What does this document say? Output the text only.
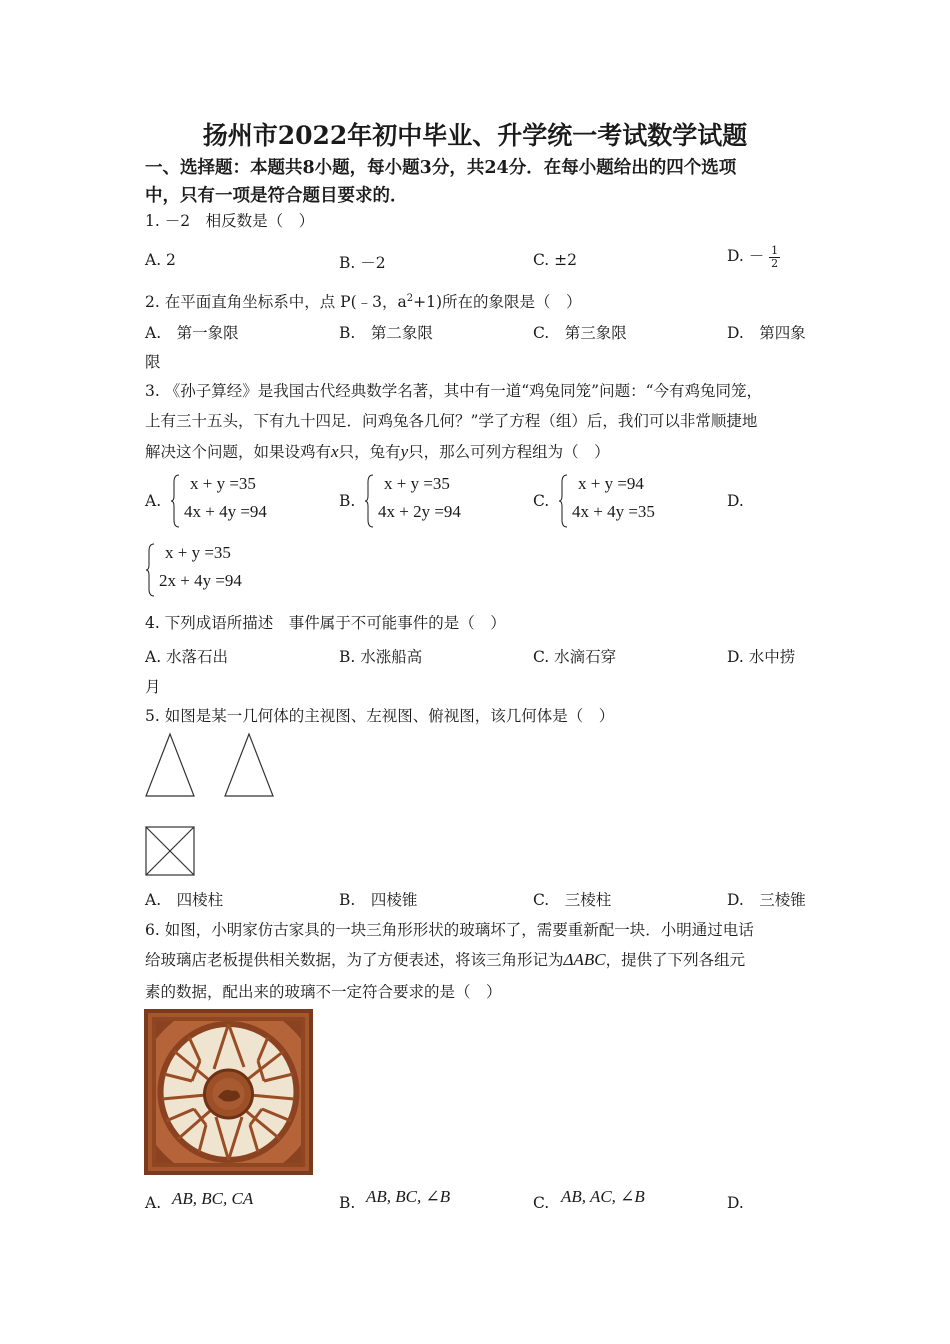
扬州市2022年初中毕业、升学统一考试数学试题
一、选择题：本题共8小题，每小题3分，共24分．在每小题给出的四个选项
中，只有一项是符合题目要求的．
1. －2　相反数是（　）
A. 2	B. －2	C. ±2	D. － $\frac{1}{2}$
2. 在平面直角坐标系中，点 P(﹣3，$a^2+1$)所在的象限是（　）
A.　第一象限	B.　第二象限	C.　第三象限	D.　第四象
限
3. 《孙子算经》是我国古代经典数学名著，其中有一道“鸡兔同笼”问题：“今有鸡兔同笼，
上有三十五头，下有九十四足．问鸡兔各几何？”学了方程（组）后，我们可以非常顺捷地
解决这个问题，如果设鸡有x只，兔有y只，那么可列方程组为（　）
A.
x + y =35
4x + 4y =94
B.
x + y =35
4x + 2y =94
C.
x + y =94
4x + 4y =35
D.
x + y =35
2x + 4y =94
4. 下列成语所描述　事件属于不可能事件的是（　）
A. 水落石出	B. 水涨船高	C. 水滴石穿	D. 水中捞
月
5. 如图是某一几何体的主视图、左视图、俯视图，该几何体是（　）
A.　四棱柱	B.　四棱锥	C.　三棱柱	D.　三棱锥
6. 如图，小明家仿古家具的一块三角形形状的玻璃坏了，需要重新配一块．小明通过电话
给玻璃店老板提供相关数据，为了方便表述，将该三角形记为ΔABC，提供了下列各组元
素的数据，配出来的玻璃不一定符合要求的是（　）
A. AB, BC, CA	B. AB, BC, ∠B	C. AB, AC, ∠B	D.
